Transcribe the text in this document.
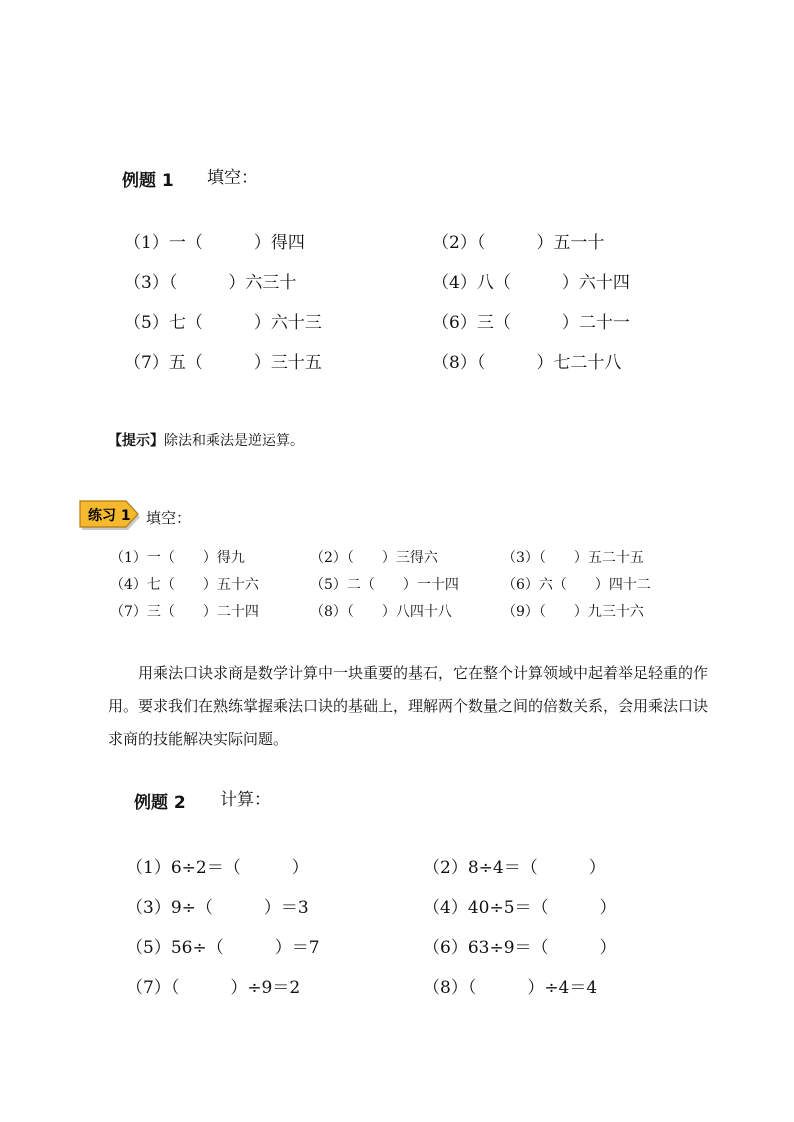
例题 1 填空：
（1）一（　　　）得四	（2）（　　　）五一十
（3）（　　　）六三十	（4）八（　　　）六十四
（5）七（　　　）六十三	（6）三（　　　）二十一
（7）五（　　　）三十五	（8）（　　　）七二十八
【提示】除法和乘法是逆运算。
练习 1 填空：
（1）一（　　）得九	（2）（　　）三得六	（3）（　　）五二十五
（4）七（　　）五十六	（5）二（　　）一十四	（6）六（　　）四十二
（7）三（　　）二十四	（8）（　　）八四十八	（9）（　　）九三十六
用乘法口诀求商是数学计算中一块重要的基石，它在整个计算领域中起着举足轻重的作用。要求我们在熟练掌握乘法口诀的基础上，理解两个数量之间的倍数关系，会用乘法口诀求商的技能解决实际问题。
例题 2 计算：
（1）6÷2＝（　　　）	（2）8÷4＝（　　　）
（3）9÷（　　　）＝3	（4）40÷5＝（　　　）
（5）56÷（　　　）＝7	（6）63÷9＝（　　　）
（7）（　　　）÷9＝2	（8）（　　　）÷4＝4
